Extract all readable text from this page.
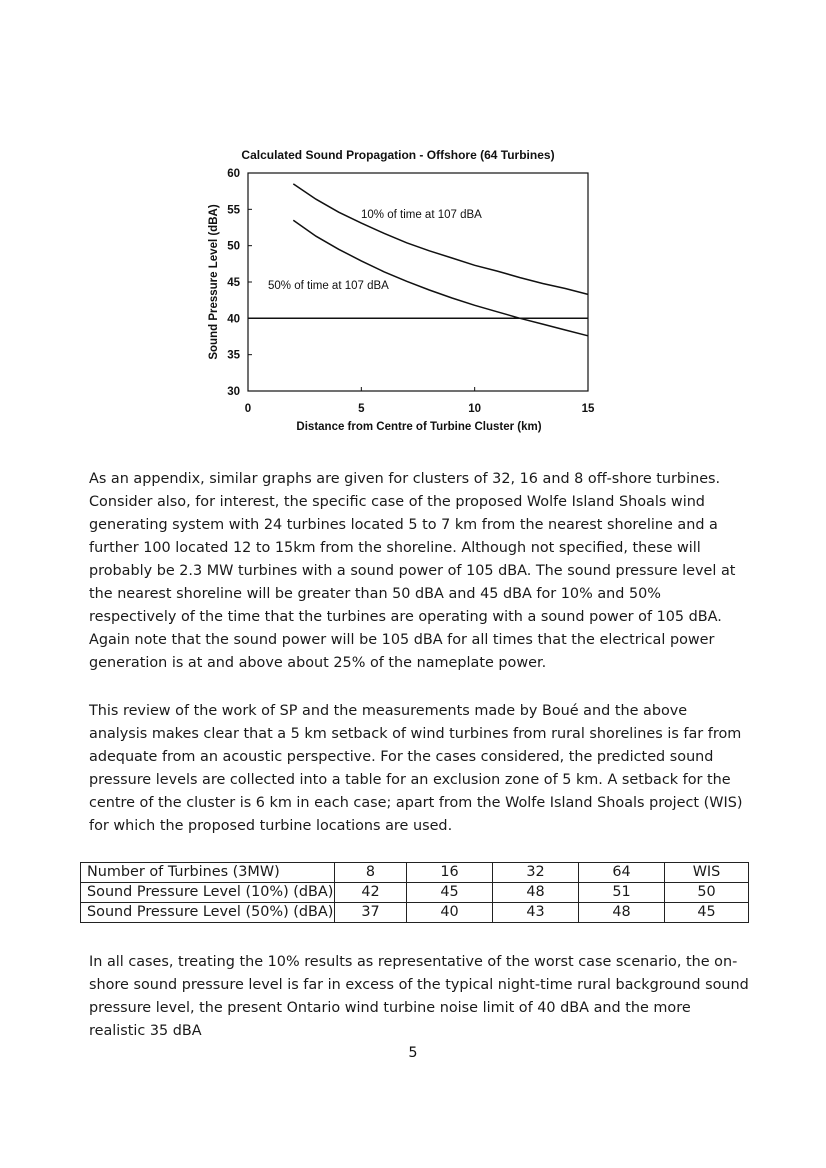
Calculated Sound Propagation - Offshore (64 Turbines)
30
35
40
45
50
55
60
0	5	10	15
Distance from Centre of Turbine Cluster (km)
Sound Pressure Level (dBA)	10% of time at 107 dBA
50% of time at 107 dBA
As an appendix, similar graphs are given for clusters of 32, 16 and 8 off-shore turbines. Consider also, for interest, the specific case of the proposed Wolfe Island Shoals wind generating system with 24 turbines located 5 to 7 km from the nearest shoreline and a further 100 located 12 to 15km from the shoreline. Although not specified, these will probably be 2.3 MW turbines with a sound power of 105 dBA. The sound pressure level at the nearest shoreline will be greater than 50 dBA and 45 dBA for 10% and 50% respectively of the time that the turbines are operating with a sound power of 105 dBA. Again note that the sound power will be 105 dBA for all times that the electrical power generation is at and above about 25% of the nameplate power.
This review of the work of SP and the measurements made by Boué and the above analysis makes clear that a 5 km setback of wind turbines from rural shorelines is far from adequate from an acoustic perspective. For the cases considered, the predicted sound pressure levels are collected into a table for an exclusion zone of 5 km. A setback for the centre of the cluster is 6 km in each case; apart from the Wolfe Island Shoals project (WIS) for which the proposed turbine locations are used.
Number of Turbines (3MW)	8	16	32	64	WIS
Sound Pressure Level (10%) (dBA)	42	45	48	51	50
Sound Pressure Level (50%) (dBA)	37	40	43	48	45
In all cases, treating the 10% results as representative of the worst case scenario, the on-shore sound pressure level is far in excess of the typical night-time rural background sound pressure level, the present Ontario wind turbine noise limit of 40 dBA and the more realistic 35 dBA
5
